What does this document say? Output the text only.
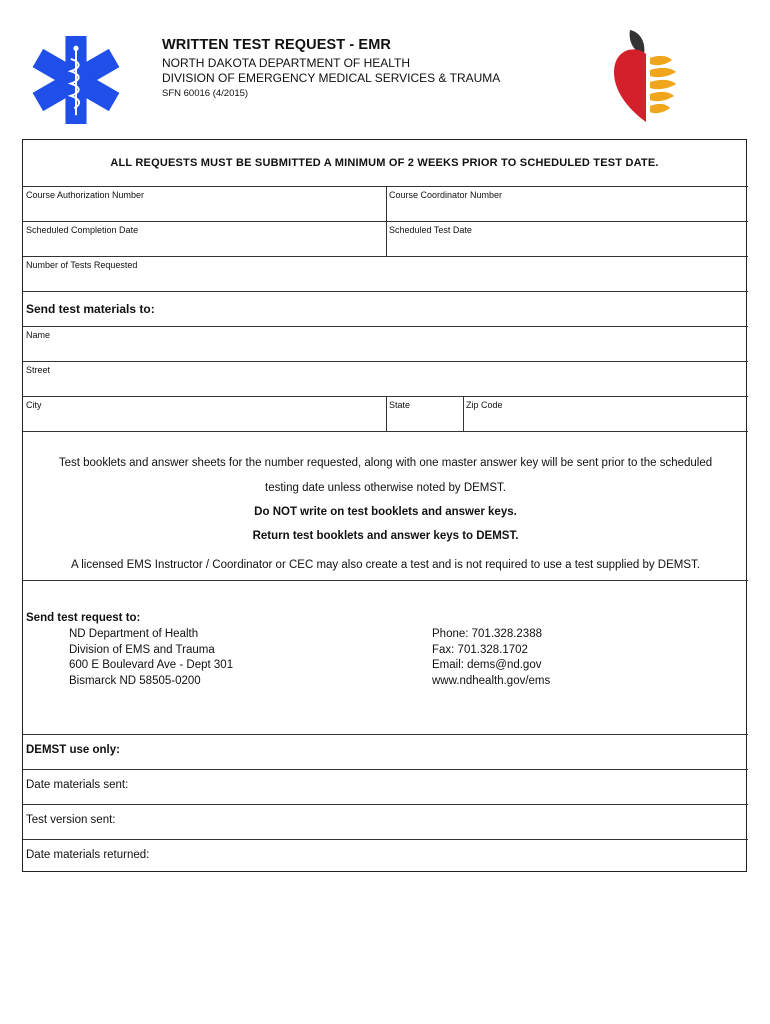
WRITTEN TEST REQUEST - EMR
NORTH DAKOTA DEPARTMENT OF HEALTH
DIVISION OF EMERGENCY MEDICAL SERVICES & TRAUMA
SFN 60016 (4/2015)
ALL REQUESTS MUST BE SUBMITTED A MINIMUM OF 2 WEEKS PRIOR TO SCHEDULED TEST DATE.
Course Authorization Number	Course Coordinator Number
Scheduled Completion Date	Scheduled Test Date
Number of Tests Requested
Send test materials to:
Name
Street
City	State	Zip Code
Test booklets and answer sheets for the number requested, along with one master answer key will be sent prior to the scheduled
testing date unless otherwise noted by DEMST.
Do NOT write on test booklets and answer keys.
Return test booklets and answer keys to DEMST.
A licensed EMS Instructor / Coordinator or CEC may also create a test and is not required to use a test supplied by DEMST.
Send test request to:
ND Department of Health
Division of EMS and Trauma
600 E Boulevard Ave - Dept 301
Bismarck ND 58505-0200
Phone: 701.328.2388
Fax: 701.328.1702
Email: dems@nd.gov
www.ndhealth.gov/ems
DEMST use only:
Date materials sent:
Test version sent:
Date materials returned:
